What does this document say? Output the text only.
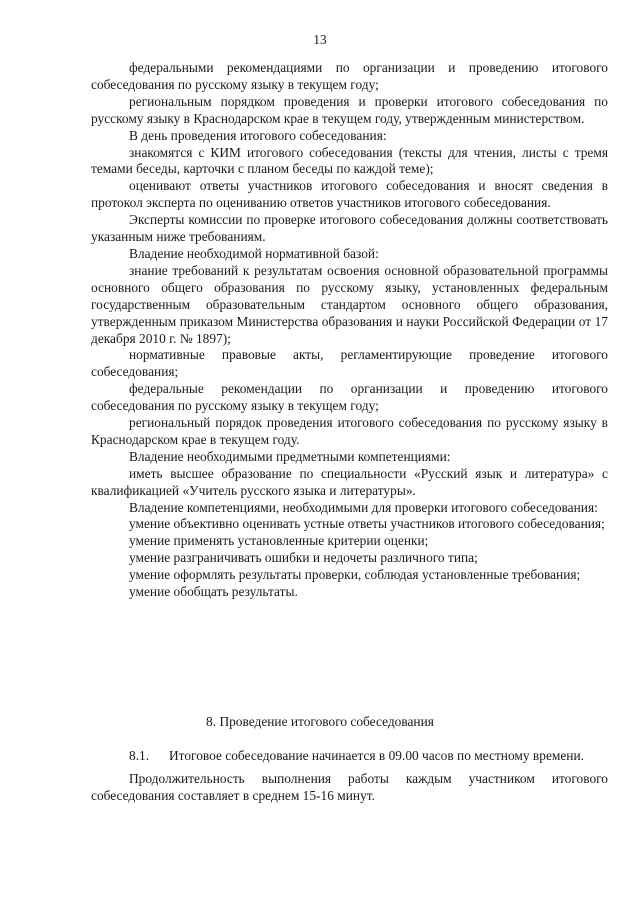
13

федеральными рекомендациями по организации и проведению итогового собеседования по русскому языку в текущем году;

региональным порядком проведения и проверки итогового собеседования по русскому языку в Краснодарском крае в текущем году, утвержденным министерством.

В день проведения итогового собеседования:

знакомятся с КИМ итогового собеседования (тексты для чтения, листы с тремя темами беседы, карточки с планом беседы по каждой теме);

оценивают ответы участников итогового собеседования и вносят сведения в протокол эксперта по оцениванию ответов участников итогового собеседования.

Эксперты комиссии по проверке итогового собеседования должны соответствовать указанным ниже требованиям.

Владение необходимой нормативной базой:

знание требований к результатам освоения основной образовательной программы основного общего образования по русскому языку, установленных федеральным государственным образовательным стандартом основного общего образования, утвержденным приказом Министерства образования и науки Российской Федерации от 17 декабря 2010 г. № 1897);

нормативные правовые акты, регламентирующие проведение итогового собеседования;

федеральные рекомендации по организации и проведению итогового собеседования по русскому языку в текущем году;

региональный порядок проведения итогового собеседования по русскому языку в Краснодарском крае в текущем году.

Владение необходимыми предметными компетенциями:

иметь высшее образование по специальности «Русский язык и литература» с квалификацией «Учитель русского языка и литературы».

Владение компетенциями, необходимыми для проверки итогового собеседования:

умение объективно оценивать устные ответы участников итогового собеседования;

умение применять установленные критерии оценки;

умение разграничивать ошибки и недочеты различного типа;

умение оформлять результаты проверки, соблюдая установленные требования;

умение обобщать результаты.

8. Проведение итогового собеседования

8.1. Итоговое собеседование начинается в 09.00 часов по местному времени.

Продолжительность выполнения работы каждым участником итогового собеседования составляет в среднем 15-16 минут.
